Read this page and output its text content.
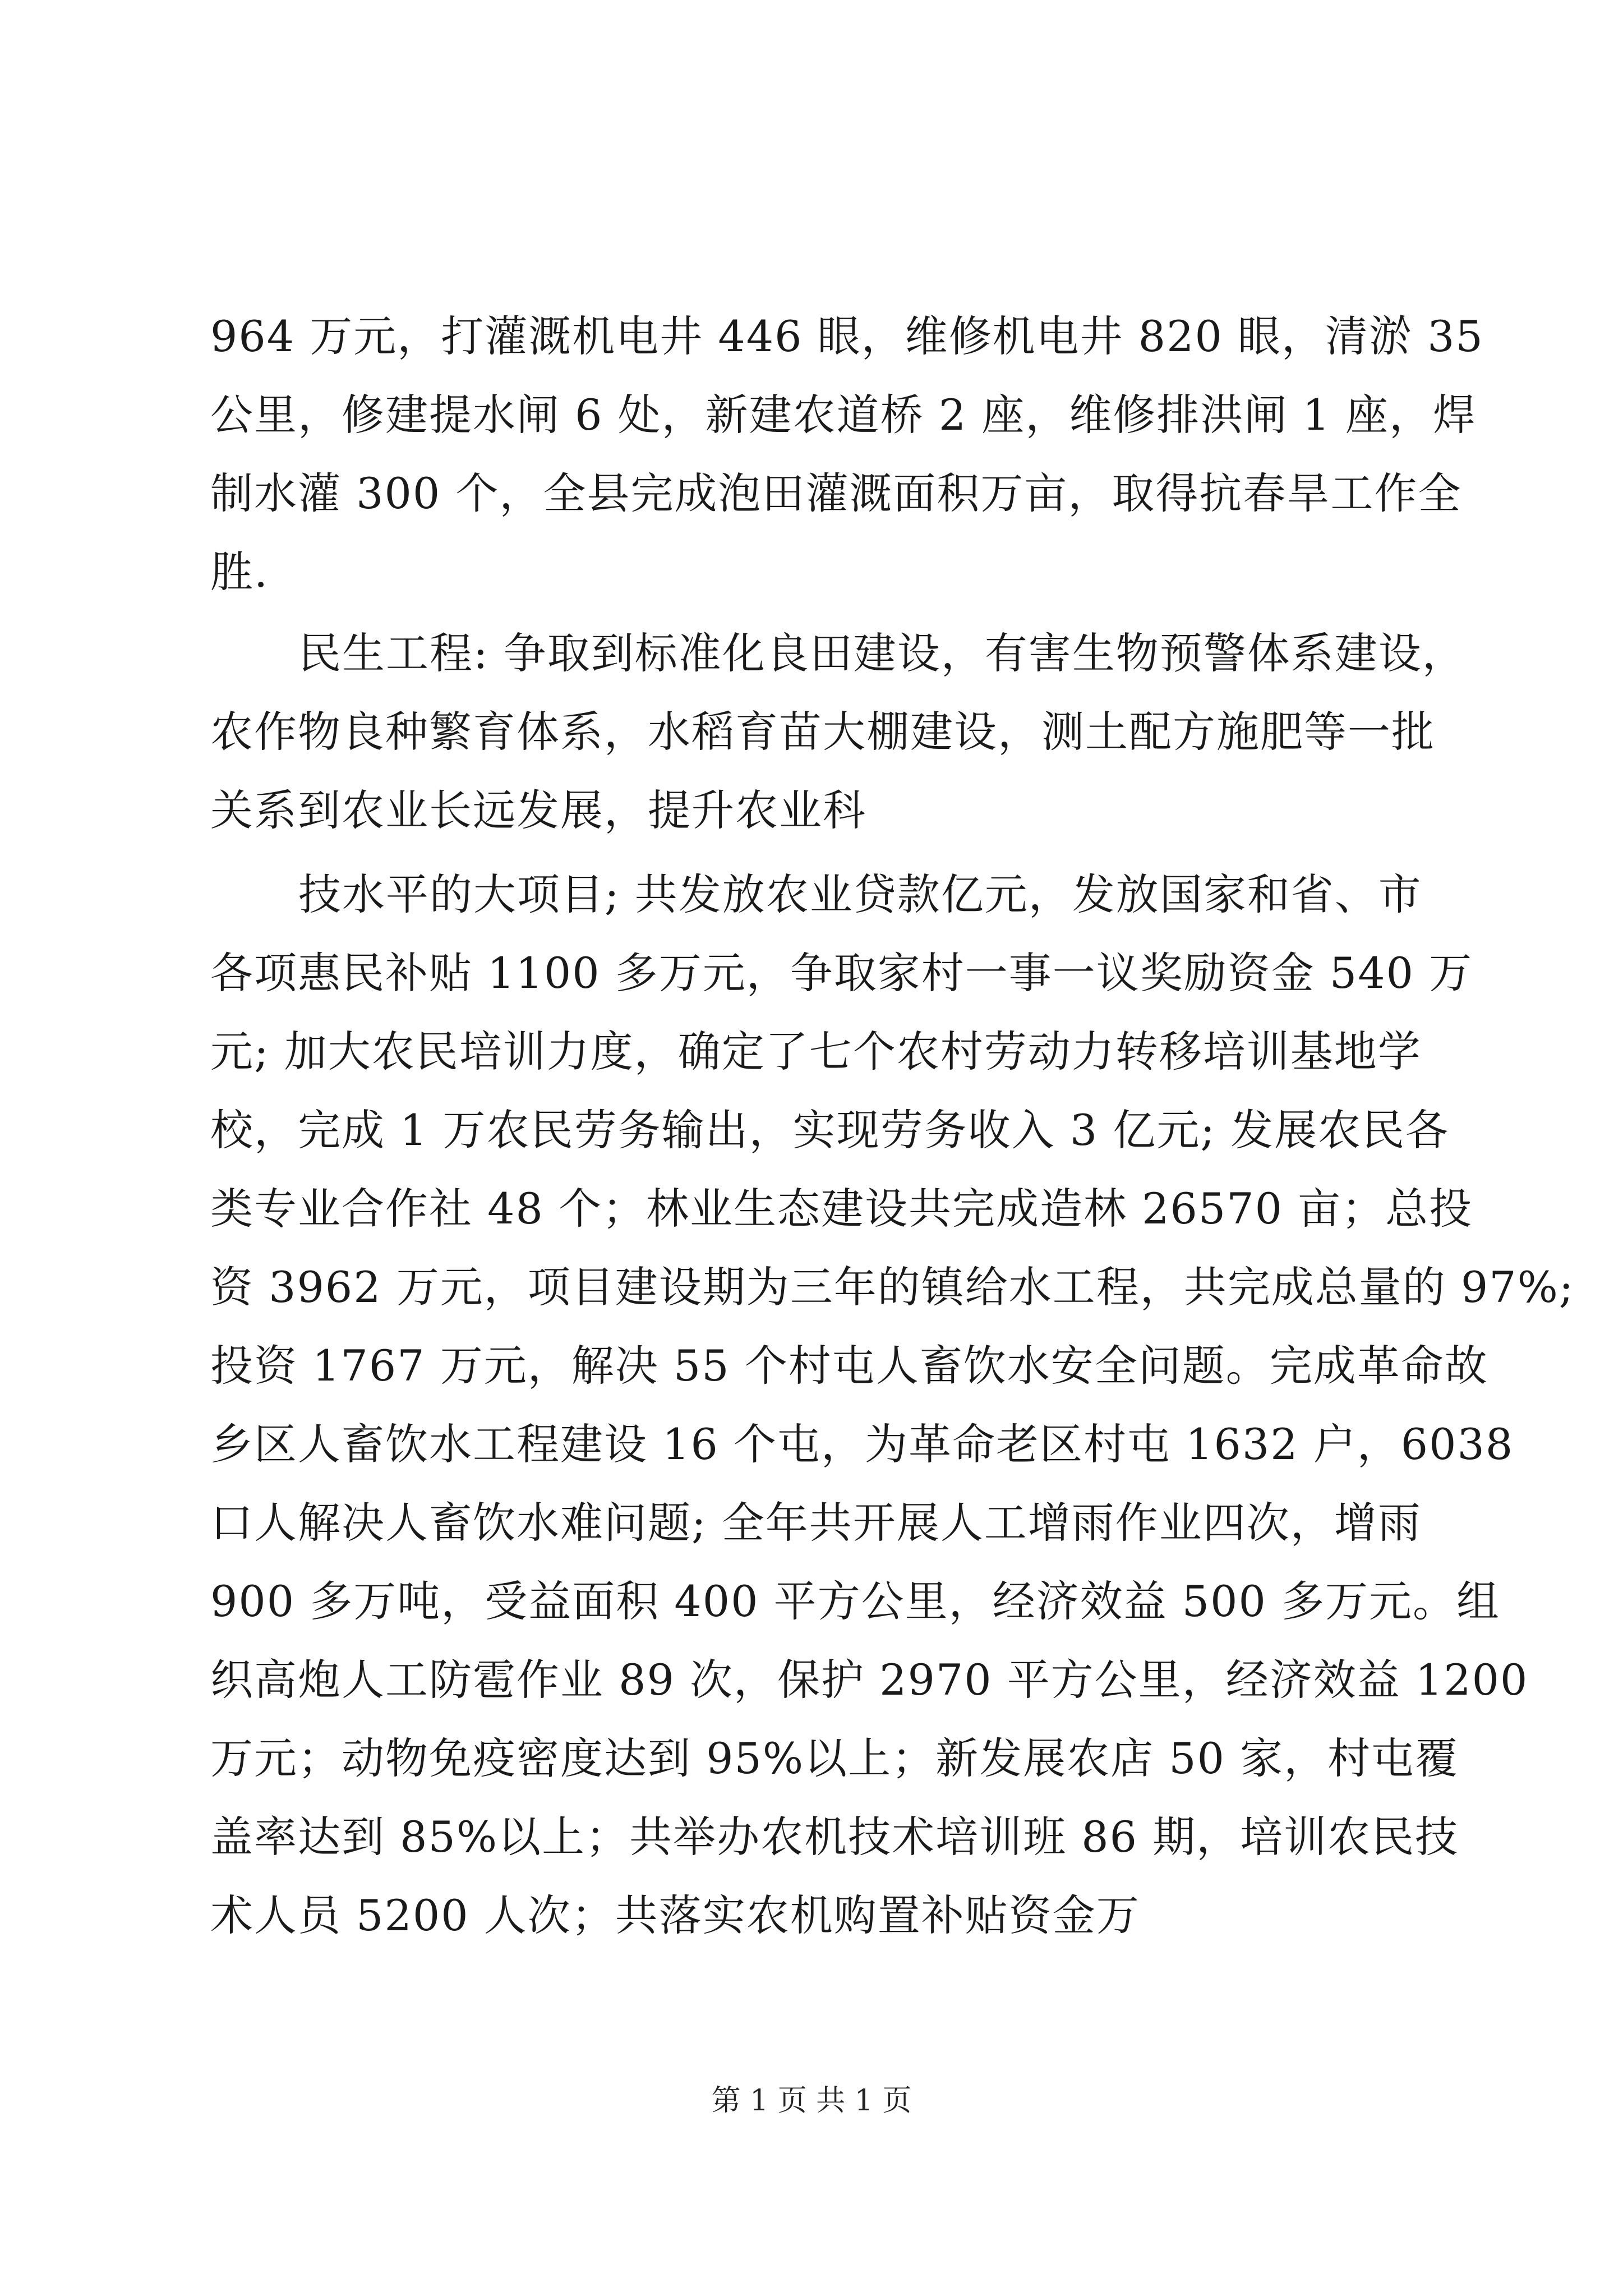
964 万元，打灌溉机电井 446 眼，维修机电井 820 眼，清淤 35
公里，修建提水闸 6 处，新建农道桥 2 座，维修排洪闸 1 座，焊
制水灌 300 个，全县完成泡田灌溉面积万亩，取得抗春旱工作全
胜.
民生工程: 争取到标准化良田建设，有害生物预警体系建设，
农作物良种繁育体系，水稻育苗大棚建设，测土配方施肥等一批
关系到农业长远发展，提升农业科
技水平的大项目; 共发放农业贷款亿元，发放国家和省、市
各项惠民补贴 1100 多万元，争取家村一事一议奖励资金 540 万
元; 加大农民培训力度，确定了七个农村劳动力转移培训基地学
校，完成 1 万农民劳务输出，实现劳务收入 3 亿元; 发展农民各
类专业合作社 48 个；林业生态建设共完成造林 26570 亩；总投
资 3962 万元，项目建设期为三年的镇给水工程，共完成总量的 97%;
投资 1767 万元，解决 55 个村屯人畜饮水安全问题。完成革命故
乡区人畜饮水工程建设 16 个屯，为革命老区村屯 1632 户，6038
口人解决人畜饮水难问题; 全年共开展人工增雨作业四次，增雨
900 多万吨，受益面积 400 平方公里，经济效益 500 多万元。组
织高炮人工防雹作业 89 次，保护 2970 平方公里，经济效益 1200
万元；动物免疫密度达到 95%以上；新发展农店 50 家，村屯覆
盖率达到 85%以上；共举办农机技术培训班 86 期，培训农民技
术人员 5200 人次；共落实农机购置补贴资金万
第 1 页 共 1 页
